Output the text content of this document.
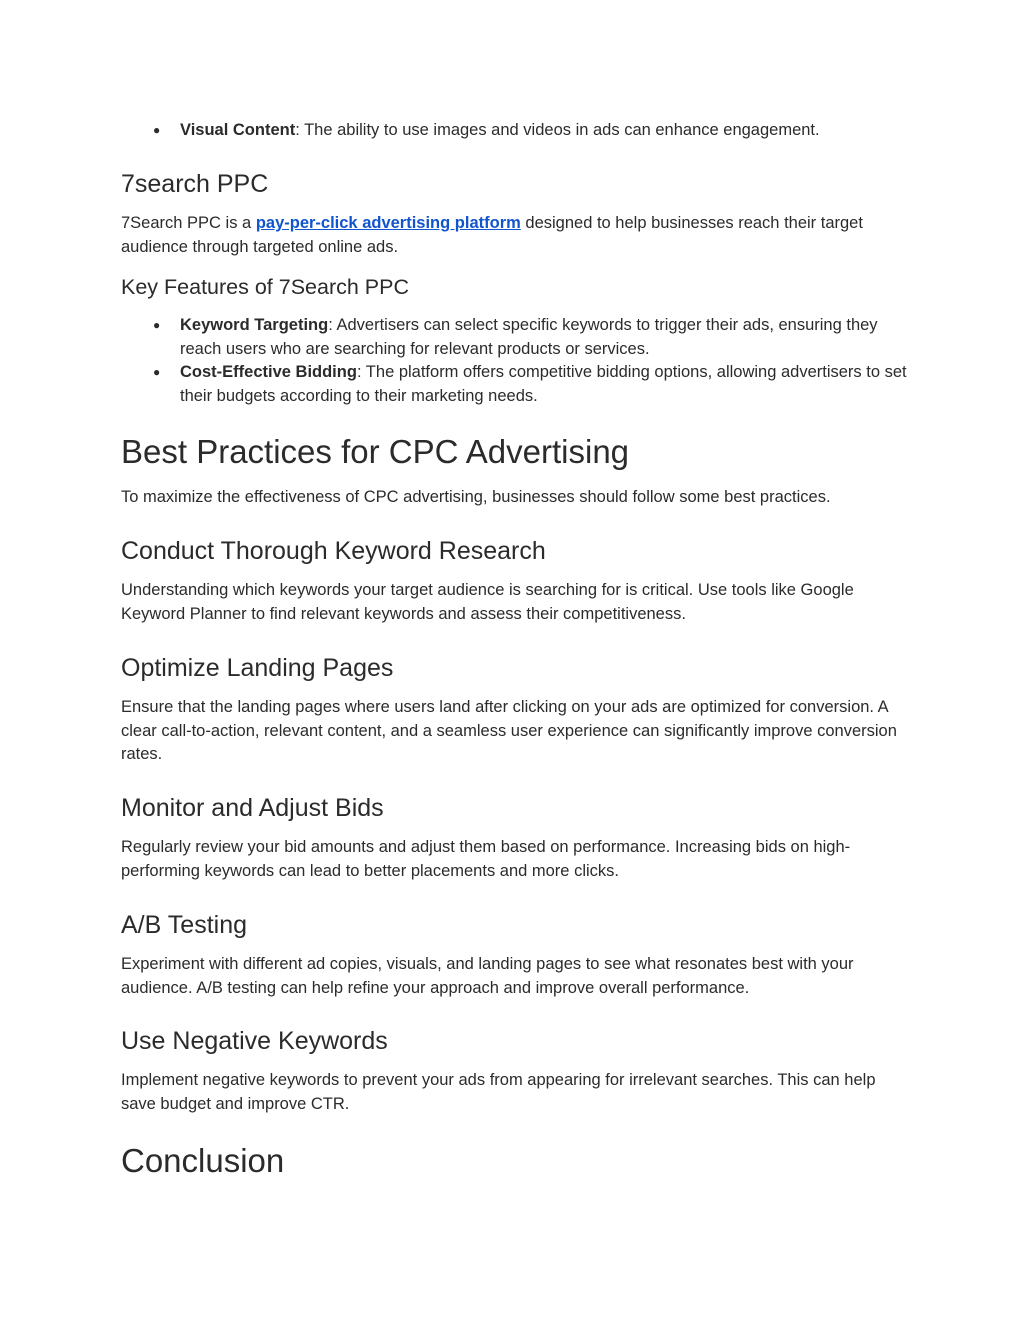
● Visual Content: The ability to use images and videos in ads can enhance engagement.
7search PPC

7Search PPC is a pay-per-click advertising platform designed to help businesses reach their target audience through targeted online ads.

Key Features of 7Search PPC
● Keyword Targeting: Advertisers can select specific keywords to trigger their ads, ensuring they reach users who are searching for relevant products or services.
● Cost-Effective Bidding: The platform offers competitive bidding options, allowing advertisers to set their budgets according to their marketing needs.
Best Practices for CPC Advertising

To maximize the effectiveness of CPC advertising, businesses should follow some best practices.

Conduct Thorough Keyword Research

Understanding which keywords your target audience is searching for is critical. Use tools like Google Keyword Planner to find relevant keywords and assess their competitiveness.

Optimize Landing Pages

Ensure that the landing pages where users land after clicking on your ads are optimized for conversion. A clear call-to-action, relevant content, and a seamless user experience can significantly improve conversion rates.

Monitor and Adjust Bids

Regularly review your bid amounts and adjust them based on performance. Increasing bids on high-performing keywords can lead to better placements and more clicks.

A/B Testing

Experiment with different ad copies, visuals, and landing pages to see what resonates best with your audience. A/B testing can help refine your approach and improve overall performance.

Use Negative Keywords

Implement negative keywords to prevent your ads from appearing for irrelevant searches. This can help save budget and improve CTR.

Conclusion
